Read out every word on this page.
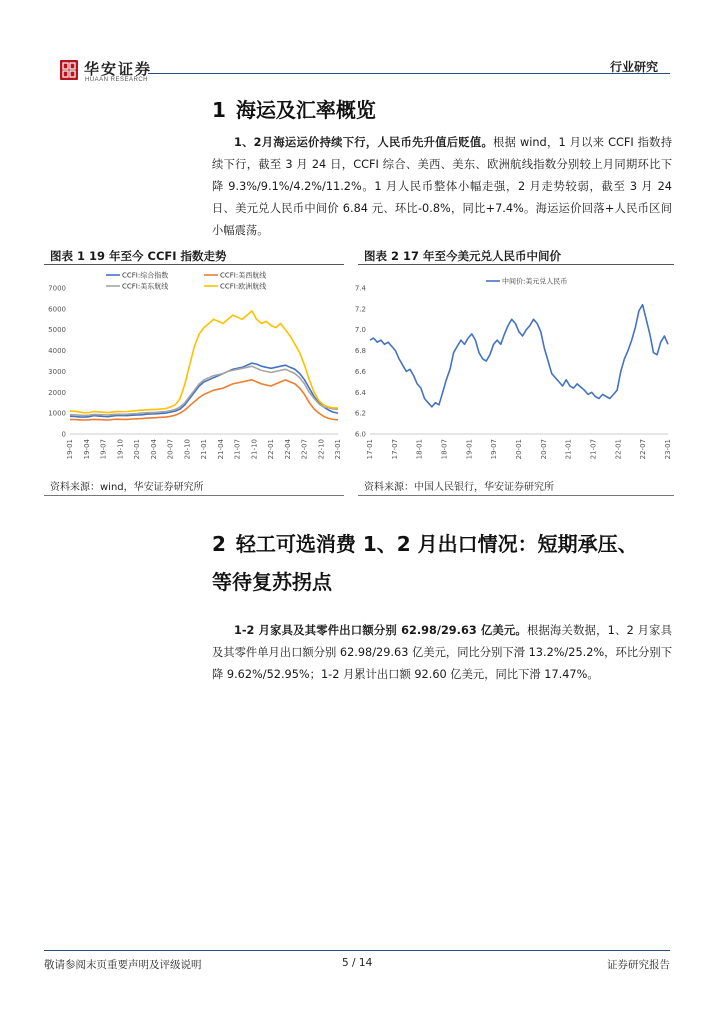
华安证券
HUAAN RESEARCH
行业研究
1 海运及汇率概览
1、2月海运运价持续下行，人民币先升值后贬值。根据 wind，1 月以来 CCFI 指数持续下行，截至 3 月 24 日，CCFI 综合、美西、美东、欧洲航线指数分别较上月同期环比下降 9.3%/9.1%/4.2%/11.2%。1 月人民币整体小幅走强，2 月走势较弱，截至 3 月 24 日、美元兑人民币中间价 6.84 元、环比-0.8%，同比+7.4%。海运运价回落+人民币区间小幅震荡。
图表 1 19 年至今 CCFI 指数走势
7000
6000
5000
4000
3000
2000
1000
0
19-01 19-04 19-07 19-10 20-01 20-04 20-07 20-10 21-01 21-04 21-07 21-10 22-01 22-04 22-07 22-10 23-01
CCFI:综合指数	CCFI:美西航线
CCFI:美东航线	CCFI:欧洲航线
资料来源：wind，华安证券研究所
图表 2 17 年至今美元兑人民币中间价
7.4
7.2
7.0
6.8
6.6
6.4
6.2
6.0
17-01 17-07 18-01 18-07 19-01 19-07 20-01 20-07 21-01 21-07 22-01 22-07 23-01
中间价:美元兑人民币
资料来源：中国人民银行，华安证券研究所
2 轻工可选消费 1、2 月出口情况：短期承压、
等待复苏拐点
1-2 月家具及其零件出口额分别 62.98/29.63 亿美元。根据海关数据，1、2 月家具及其零件单月出口额分别 62.98/29.63 亿美元，同比分别下滑 13.2%/25.2%，环比分别下降 9.62%/52.95%；1-2 月累计出口额 92.60 亿美元，同比下滑 17.47%。
敬请参阅末页重要声明及评级说明	5 / 14	证券研究报告
